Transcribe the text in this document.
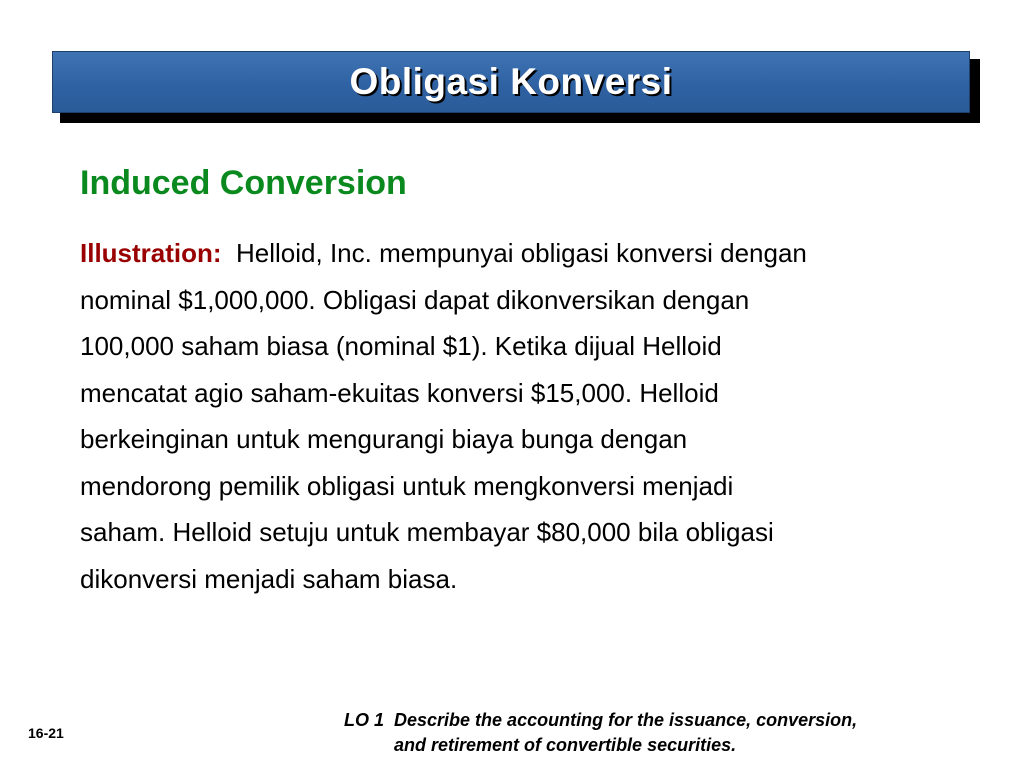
Obligasi Konversi
Induced Conversion
Illustration: Helloid, Inc. mempunyai obligasi konversi dengan
nominal $1,000,000. Obligasi dapat dikonversikan dengan
100,000 saham biasa (nominal $1). Ketika dijual Helloid
mencatat agio saham-ekuitas konversi $15,000. Helloid
berkeinginan untuk mengurangi biaya bunga dengan
mendorong pemilik obligasi untuk mengkonversi menjadi
saham. Helloid setuju untuk membayar $80,000 bila obligasi
dikonversi menjadi saham biasa.
16-21
LO 1 Describe the accounting for the issuance, conversion,
and retirement of convertible securities.
